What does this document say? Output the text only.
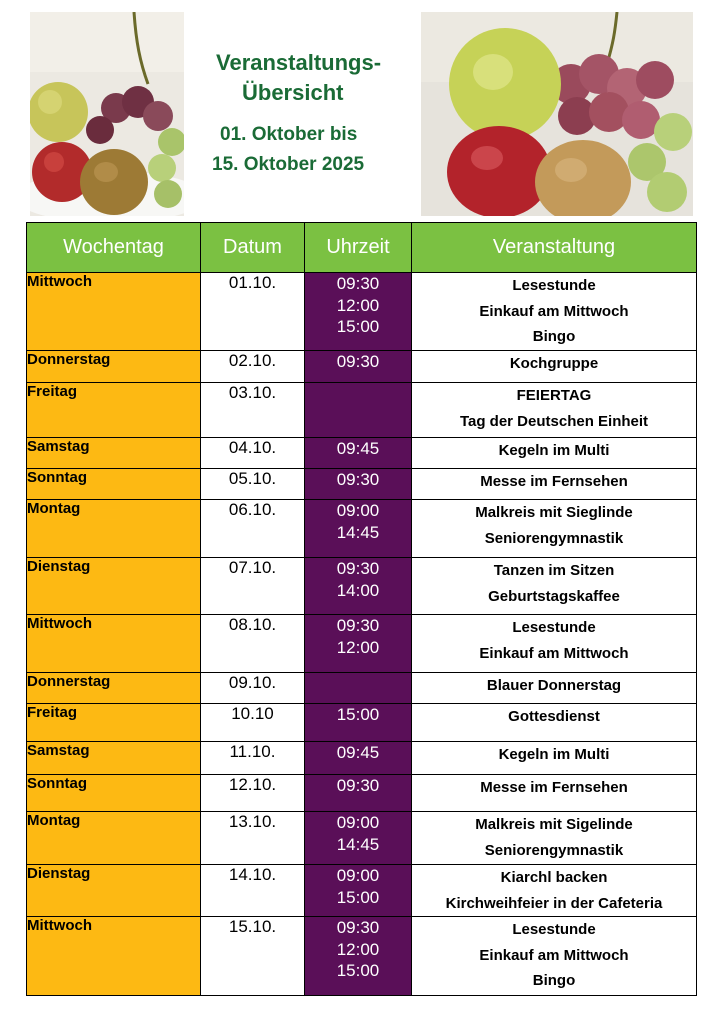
Veranstaltungs-
Übersicht
01. Oktober bis
15. Oktober 2025
Wochentag	Datum	Uhrzeit	Veranstaltung
Mittwoch	01.10.	09:30
12:00
15:00	Lesestunde
Einkauf am Mittwoch
Bingo

Donnerstag	02.10.	09:30	Kochgruppe

Freitag	03.10.		FEIERTAG
Tag der Deutschen Einheit

Samstag	04.10.	09:45	Kegeln im Multi

Sonntag	05.10.	09:30	Messe im Fernsehen

Montag	06.10.	09:00
14:45	Malkreis mit Sieglinde
Seniorengymnastik

Dienstag	07.10.	09:30
14:00	Tanzen im Sitzen
Geburtstagskaffee

Mittwoch	08.10.	09:30
12:00	Lesestunde
Einkauf am Mittwoch

Donnerstag	09.10.		Blauer Donnerstag

Freitag	10.10	15:00	Gottesdienst

Samstag	11.10.	09:45	Kegeln im Multi

Sonntag	12.10.	09:30	Messe im Fernsehen

Montag	13.10.	09:00
14:45	Malkreis mit Sigelinde
Seniorengymnastik

Dienstag	14.10.	09:00
15:00	Kiarchl backen
Kirchweihfeier in der Cafeteria

Mittwoch	15.10.	09:30
12:00
15:00	Lesestunde
Einkauf am Mittwoch
Bingo
